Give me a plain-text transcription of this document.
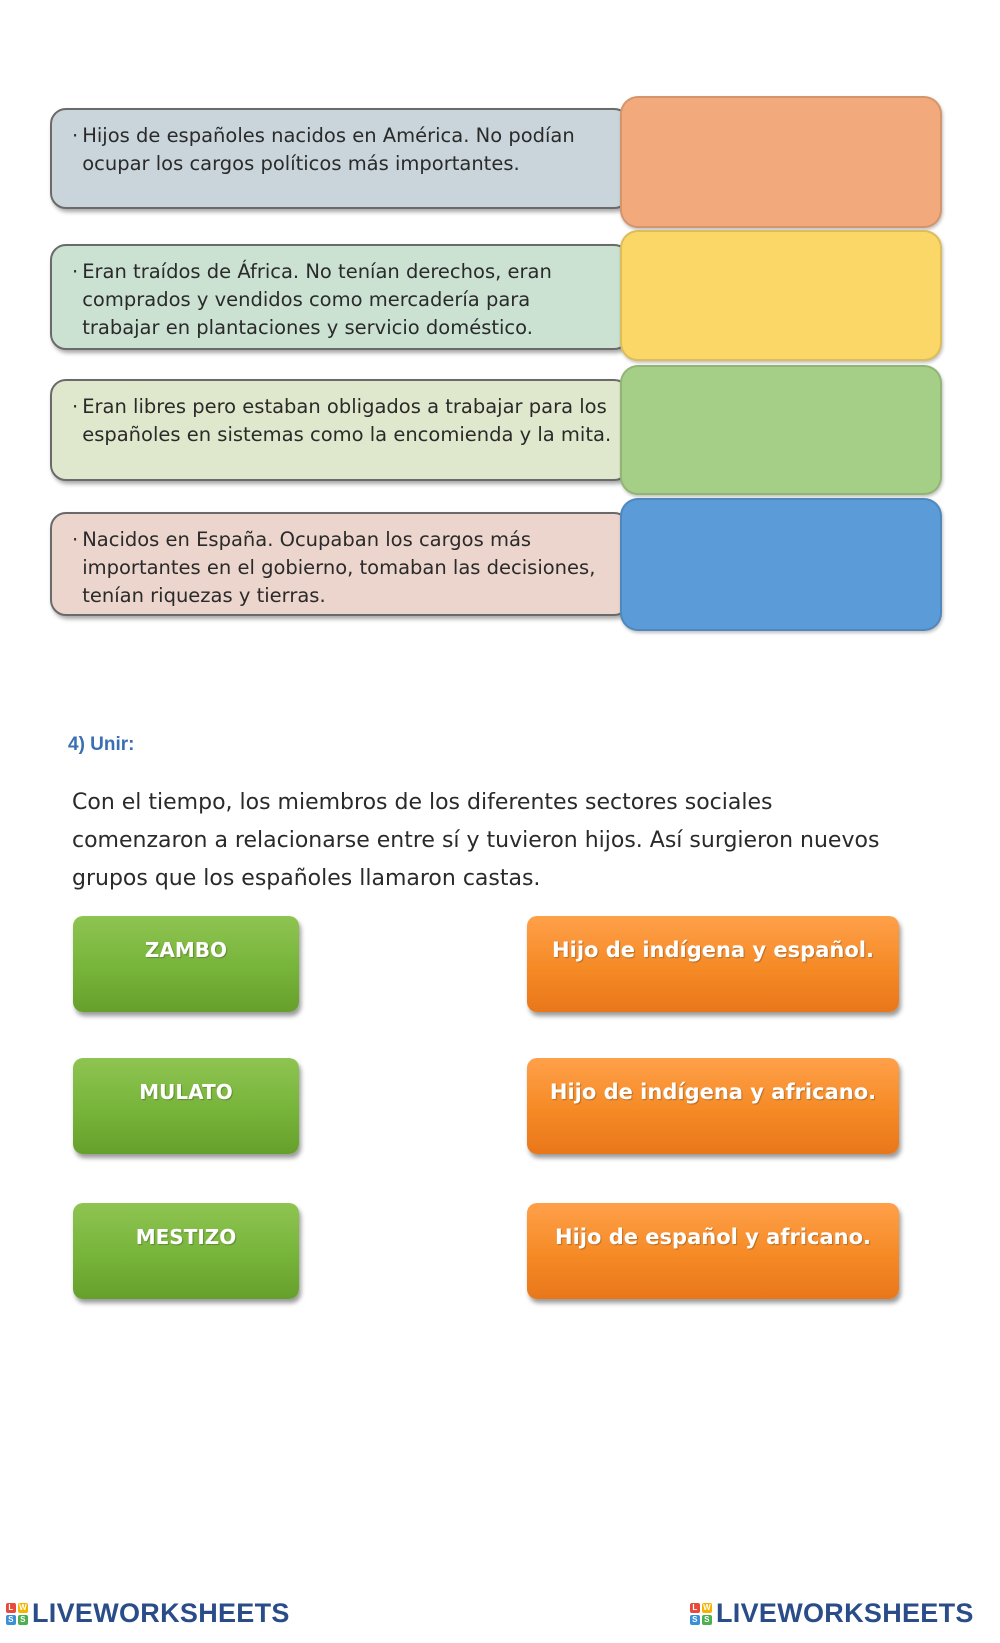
· Hijos de españoles nacidos en América. No podían ocupar los cargos políticos más importantes.
· Eran traídos de África. No tenían derechos, eran comprados y vendidos como mercadería para trabajar en plantaciones y servicio doméstico.
· Eran libres pero estaban obligados a trabajar para los españoles en sistemas como la encomienda y la mita.
· Nacidos en España. Ocupaban los cargos más importantes en el gobierno, tomaban las decisiones, tenían riquezas y tierras.
4) Unir:
Con el tiempo, los miembros de los diferentes sectores sociales comenzaron a relacionarse entre sí y tuvieron hijos. Así surgieron nuevos grupos que los españoles llamaron castas.
ZAMBO
MULATO
MESTIZO
Hijo de indígena y español.
Hijo de indígena y africano.
Hijo de español y africano.
L W
S S LIVEWORKSHEETS	L W
S S LIVEWORKSHEETS
